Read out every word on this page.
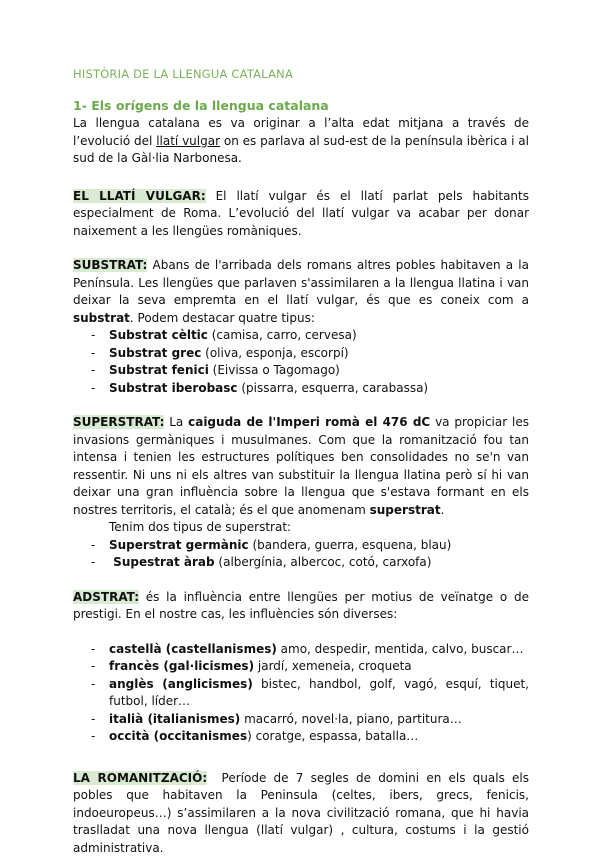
HISTÒRIA DE LA LLENGUA CATALANA
1- Els orígens de la llengua catalana
La llengua catalana es va originar a l’alta edat mitjana a través de l’evolució del llatí vulgar on es parlava al sud-est de la península ibèrica i al sud de la Gàl·lia Narbonesa.
EL LLATÍ VULGAR: El llatí vulgar és el llatí parlat pels habitants especialment de Roma. L’evolució del llatí vulgar va acabar per donar naixement a les llengües romàniques.
SUBSTRAT: Abans de l'arribada dels romans altres pobles habitaven a la Península. Les llengües que parlaven s'assimilaren a la llengua llatina i van deixar la seva empremta en el llatí vulgar, és que es coneix com a substrat. Podem destacar quatre tipus:
- Substrat cèltic (camisa, carro, cervesa)
- Substrat grec (oliva, esponja, escorpí)
- Substrat fenici (Eivissa o Tagomago)
- Substrat iberobasc (pissarra, esquerra, carabassa)
SUPERSTRAT: La caiguda de l'Imperi romà el 476 dC va propiciar les invasions germàniques i musulmanes. Com que la romanització fou tan intensa i tenien les estructures polítiques ben consolidades no se'n van ressentir. Ni uns ni els altres van substituir la llengua llatina però sí hi van deixar una gran influència sobre la llengua que s'estava formant en els nostres territoris, el català; és el que anomenam superstrat.
Tenim dos tipus de superstrat:
- Superstrat germànic (bandera, guerra, esquena, blau)
-  Supestrat àrab (albergínia, albercoc, cotó, carxofa)
ADSTRAT: és la influència entre llengües per motius de veïnatge o de prestigi. En el nostre cas, les influències són diverses:
- castellà (castellanismes) amo, despedir, mentida, calvo, buscar…
- francès (gal·licismes) jardí, xemeneia, croqueta
- anglès (anglicismes) bistec, handbol, golf, vagó, esquí, tiquet, futbol, líder…
- italià (italianismes) macarró, novel·la, piano, partitura…
- occità (occitanismes) coratge, espassa, batalla…
LA ROMANITZACIÓ:  Període de 7 segles de domini en els quals els pobles que habitaven la Peninsula (celtes, ibers, grecs, fenicis, indoeuropeus…) s’assimilaren a la nova civilització romana, que hi havia traslladat una nova llengua (llatí vulgar) , cultura, costums i la gestió administrativa.
